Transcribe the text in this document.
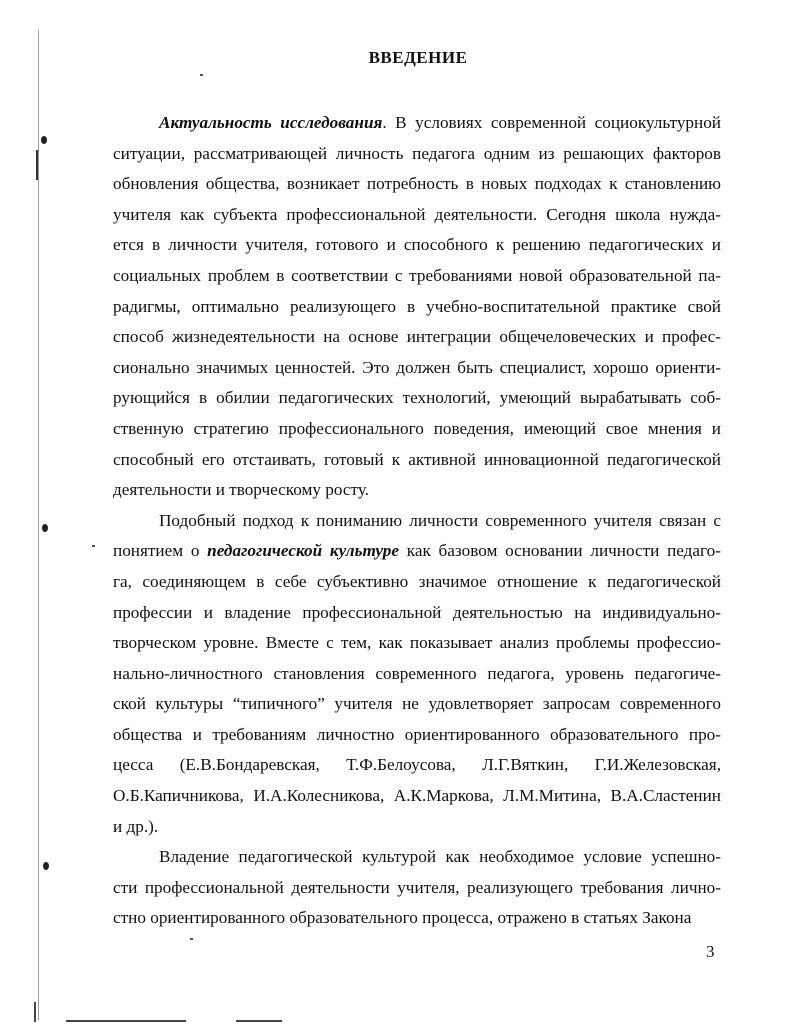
ВВЕДЕНИЕ
Актуальность исследования. В условиях современной социокультурной
ситуации, рассматривающей личность педагога одним из решающих факторов
обновления общества, возникает потребность в новых подходах к становлению
учителя как субъекта профессиональной деятельности. Сегодня школа нужда-
ется в личности учителя, готового и способного к решению педагогических и
социальных проблем в соответствии с требованиями новой образовательной па-
радигмы, оптимально реализующего в учебно-воспитательной практике свой
способ жизнедеятельности на основе интеграции общечеловеческих и профес-
сионально значимых ценностей. Это должен быть специалист, хорошо ориенти-
рующийся в обилии педагогических технологий, умеющий вырабатывать соб-
ственную стратегию профессионального поведения, имеющий свое мнения и
способный его отстаивать, готовый к активной инновационной педагогической
деятельности и творческому росту.
Подобный подход к пониманию личности современного учителя связан с
понятием о педагогической культуре как базовом основании личности педаго-
га, соединяющем в себе субъективно значимое отношение к педагогической
профессии и владение профессиональной деятельностью на индивидуально-
творческом уровне. Вместе с тем, как показывает анализ проблемы профессио-
нально-личностного становления современного педагога, уровень педагогиче-
ской культуры “типичного” учителя не удовлетворяет запросам современного
общества и требованиям личностно ориентированного образовательного про-
цесса (Е.В.Бондаревская, Т.Ф.Белоусова, Л.Г.Вяткин, Г.И.Железовская,
О.Б.Капичникова, И.А.Колесникова, А.К.Маркова, Л.М.Митина, В.А.Сластенин
и др.).
Владение педагогической культурой как необходимое условие успешно-
сти профессиональной деятельности учителя, реализующего требования лично-
стно ориентированного образовательного процесса, отражено в статьях Закона
3
